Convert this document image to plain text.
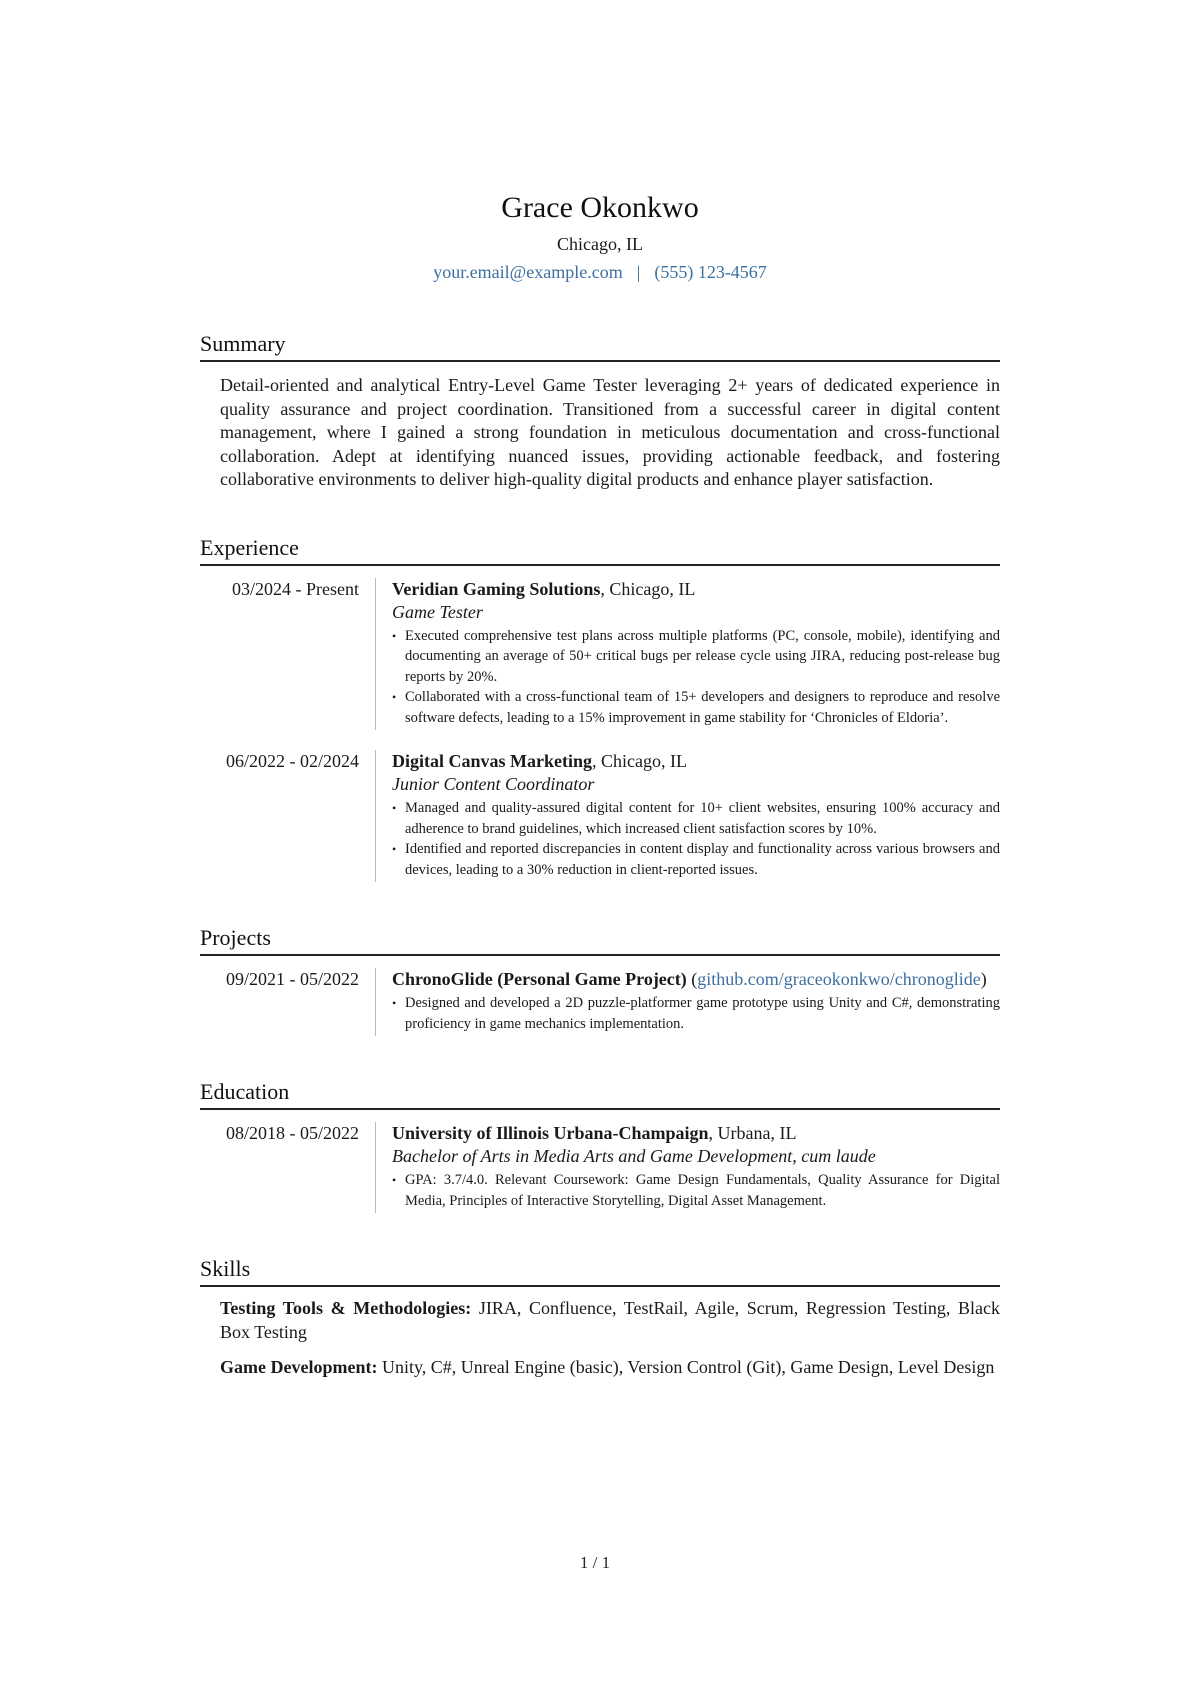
Grace Okonkwo
Chicago, IL
your.email@example.com | (555) 123-4567
Summary

Detail-oriented and analytical Entry-Level Game Tester leveraging 2+ years of dedicated experience in quality assurance and project coordination. Transitioned from a successful career in digital content management, where I gained a strong foundation in meticulous documentation and cross-functional collaboration. Adept at identifying nuanced issues, providing actionable feedback, and fostering collaborative environments to deliver high-quality digital products and enhance player satisfaction.

Experience
03/2024 - Present	Veridian Gaming Solutions, Chicago, IL
Game Tester
• Executed comprehensive test plans across multiple platforms (PC, console, mobile), identifying and documenting an average of 50+ critical bugs per release cycle using JIRA, reducing post-release bug reports by 20%.
• Collaborated with a cross-functional team of 15+ developers and designers to reproduce and resolve software defects, leading to a 15% improvement in game stability for ‘Chronicles of Eldoria’.
06/2022 - 02/2024	Digital Canvas Marketing, Chicago, IL
Junior Content Coordinator
• Managed and quality-assured digital content for 10+ client websites, ensuring 100% accuracy and adherence to brand guidelines, which increased client satisfaction scores by 10%.
• Identified and reported discrepancies in content display and functionality across various browsers and devices, leading to a 30% reduction in client-reported issues.
Projects
09/2021 - 05/2022	ChronoGlide (Personal Game Project) (github.com/graceokonkwo/chronoglide)
• Designed and developed a 2D puzzle-platformer game prototype using Unity and C#, demonstrating proficiency in game mechanics implementation.
Education
08/2018 - 05/2022	University of Illinois Urbana-Champaign, Urbana, IL
Bachelor of Arts in Media Arts and Game Development, cum laude
• GPA: 3.7/4.0. Relevant Coursework: Game Design Fundamentals, Quality Assurance for Digital Media, Principles of Interactive Storytelling, Digital Asset Management.
Skills
Testing Tools & Methodologies: JIRA, Confluence, TestRail, Agile, Scrum, Regression Testing, Black Box Testing
Game Development: Unity, C#, Unreal Engine (basic), Version Control (Git), Game Design, Level Design
1 / 1
